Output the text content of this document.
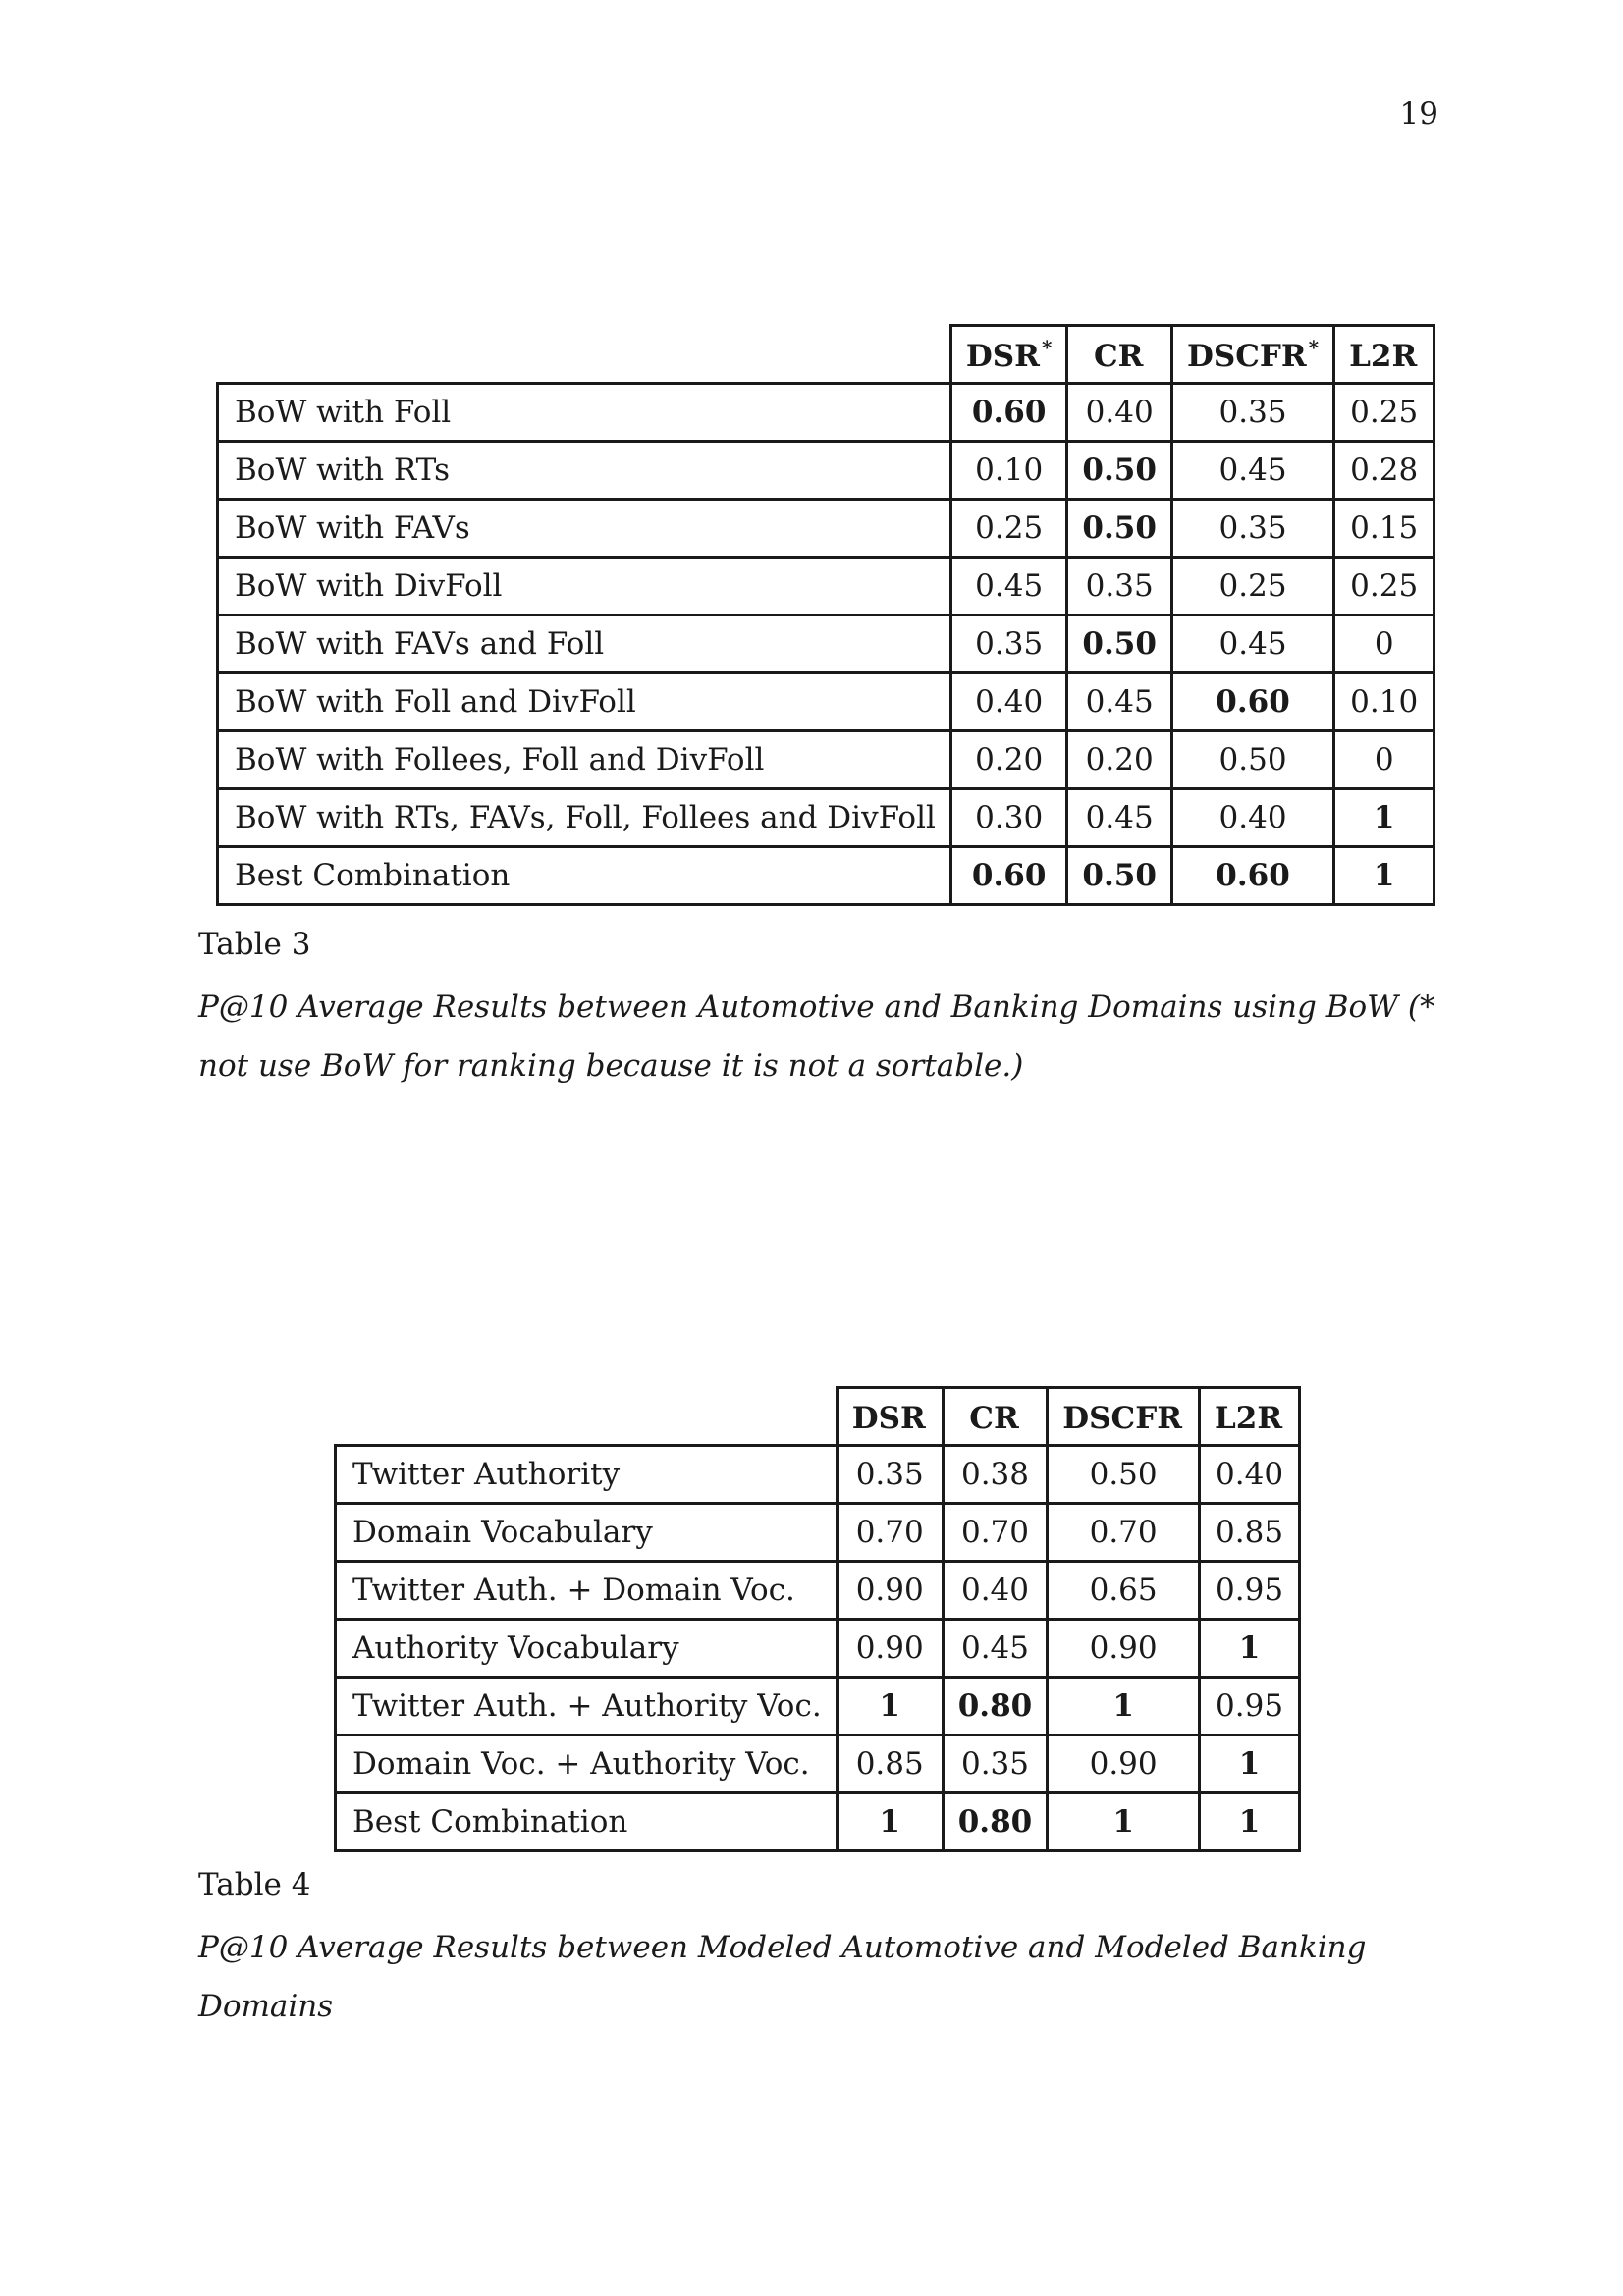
19
	DSR *	CR	DSCFR *	L2R
BoW with Foll	0.60	0.40	0.35	0.25
BoW with RTs	0.10	0.50	0.45	0.28
BoW with FAVs	0.25	0.50	0.35	0.15
BoW with DivFoll	0.45	0.35	0.25	0.25
BoW with FAVs and Foll	0.35	0.50	0.45	0
BoW with Foll and DivFoll	0.40	0.45	0.60	0.10
BoW with Follees, Foll and DivFoll	0.20	0.20	0.50	0
BoW with RTs, FAVs, Foll, Follees and DivFoll	0.30	0.45	0.40	1
Best Combination	0.60	0.50	0.60	1
Table 3
P@10 Average Results between Automotive and Banking Domains using BoW (* not use BoW for ranking because it is not a sortable.)
	DSR	CR	DSCFR	L2R
Twitter Authority	0.35	0.38	0.50	0.40
Domain Vocabulary	0.70	0.70	0.70	0.85
Twitter Auth. + Domain Voc.	0.90	0.40	0.65	0.95
Authority Vocabulary	0.90	0.45	0.90	1
Twitter Auth. + Authority Voc.	1	0.80	1	0.95
Domain Voc. + Authority Voc.	0.85	0.35	0.90	1
Best Combination	1	0.80	1	1
Table 4
P@10 Average Results between Modeled Automotive and Modeled Banking Domains
